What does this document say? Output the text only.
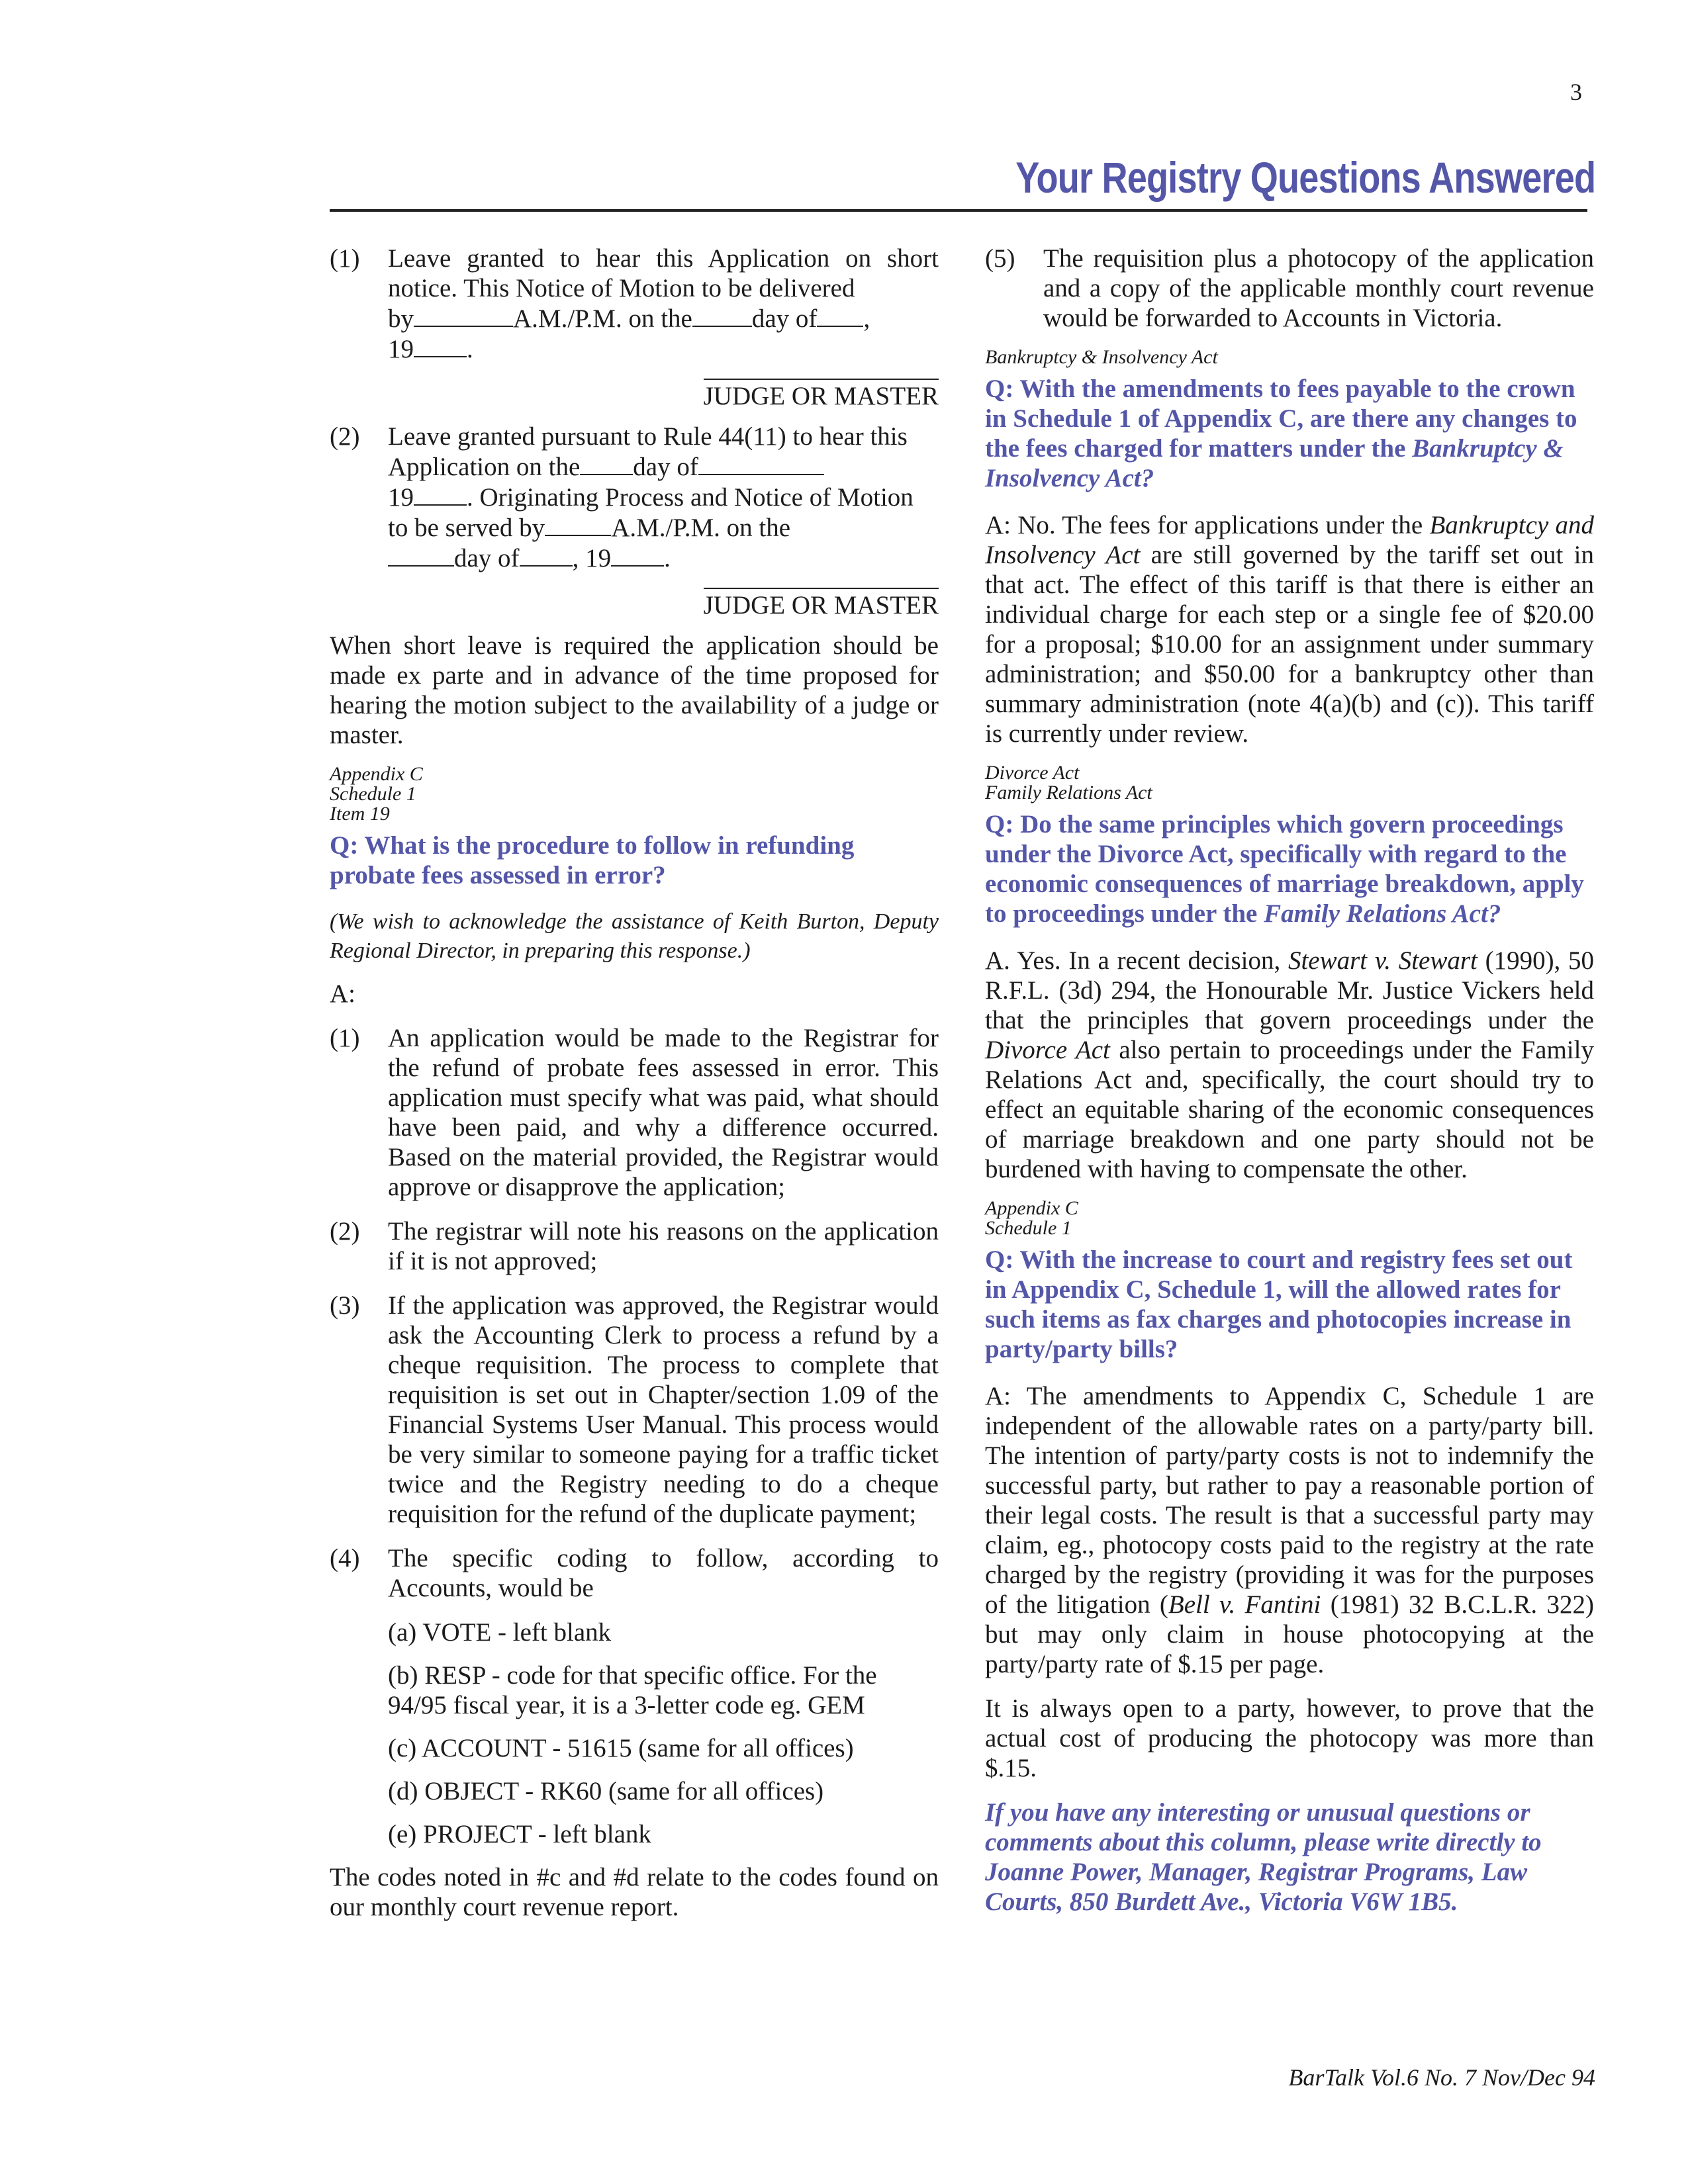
3
Your Registry Questions Answered
(1)	Leave granted to hear this Application on short notice. This Notice of Motion to be delivered
by	A.M./P.M. on the day of ,
19 .
JUDGE OR MASTER
(2)	Leave granted pursuant to Rule 44(11) to hear this Application on the day of
19 . Originating Process and Notice of Motion to be served by	A.M./P.M. on the
day of , 19 .
JUDGE OR MASTER

When short leave is required the application should be made ex parte and in advance of the time proposed for hearing the motion subject to the availability of a judge or master.

Appendix C
Schedule 1
Item 19
Q: What is the procedure to follow in refunding probate fees assessed in error?

(We wish to acknowledge the assistance of Keith Burton, Deputy Regional Director, in preparing this response.)

A:

(1)	An application would be made to the Registrar for the refund of probate fees assessed in error. This application must specify what was paid, what should have been paid, and why a difference occurred. Based on the material provided, the Registrar would approve or disapprove the application;
(2)	The registrar will note his reasons on the application if it is not approved;
(3)	If the application was approved, the Registrar would ask the Accounting Clerk to process a refund by a cheque requisition. The process to complete that requisition is set out in Chapter/section 1.09 of the Financial Systems User Manual. This process would be very similar to someone paying for a traffic ticket twice and the Registry needing to do a cheque requisition for the refund of the duplicate payment;
(4)	The specific coding to follow, according to Accounts, would be
(a) VOTE - left blank
(b) RESP - code for that specific office. For the 94/95 fiscal year, it is a 3-letter code eg. GEM
(c) ACCOUNT - 51615 (same for all offices)
(d) OBJECT - RK60 (same for all offices)
(e) PROJECT - left blank

The codes noted in #c and #d relate to the codes found on our monthly court revenue report.

(5)	The requisition plus a photocopy of the application and a copy of the applicable monthly court revenue would be forwarded to Accounts in Victoria.
Bankruptcy & Insolvency Act
Q: With the amendments to fees payable to the crown in Schedule 1 of Appendix C, are there any changes to the fees charged for matters under the Bankruptcy & Insolvency Act?

A: No. The fees for applications under the Bankruptcy and Insolvency Act are still governed by the tariff set out in that act. The effect of this tariff is that there is either an individual charge for each step or a single fee of $20.00 for a proposal; $10.00 for an assignment under summary administration; and $50.00 for a bankruptcy other than summary administration (note 4(a)(b) and (c)). This tariff is currently under review.

Divorce Act
Family Relations Act
Q: Do the same principles which govern proceedings under the Divorce Act, specifically with regard to the economic consequences of marriage breakdown, apply to proceedings under the Family Relations Act?

A. Yes. In a recent decision, Stewart v. Stewart (1990), 50 R.F.L. (3d) 294, the Honourable Mr. Justice Vickers held that the principles that govern proceedings under the Divorce Act also pertain to proceedings under the Family Relations Act and, specifically, the court should try to effect an equitable sharing of the economic consequences of marriage breakdown and one party should not be burdened with having to compensate the other.

Appendix C
Schedule 1
Q: With the increase to court and registry fees set out in Appendix C, Schedule 1, will the allowed rates for such items as fax charges and photocopies increase in party/party bills?

A: The amendments to Appendix C, Schedule 1 are independent of the allowable rates on a party/party bill. The intention of party/party costs is not to indemnify the successful party, but rather to pay a reasonable portion of their legal costs. The result is that a successful party may claim, eg., photocopy costs paid to the registry at the rate charged by the registry (providing it was for the purposes of the litigation (Bell v. Fantini (1981) 32 B.C.L.R. 322) but may only claim in house photocopying at the party/party rate of $.15 per page.

It is always open to a party, however, to prove that the actual cost of producing the photocopy was more than $.15.

If you have any interesting or unusual questions or comments about this column, please write directly to Joanne Power, Manager, Registrar Programs, Law Courts, 850 Burdett Ave., Victoria V6W 1B5.

BarTalk Vol.6 No. 7 Nov/Dec 94
